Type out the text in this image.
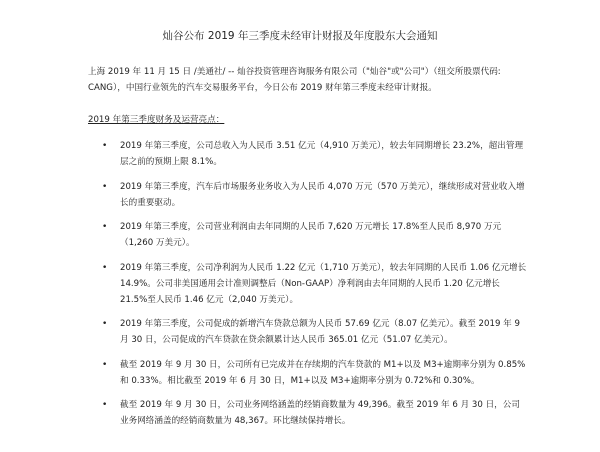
灿谷公布 2019 年三季度未经审计财报及年度股东大会通知

上海 2019 年 11 月 15 日 /美通社/ -- 灿谷投资管理咨询服务有限公司（"灿谷"或"公司"）（纽交所股票代码: CANG），中国行业领先的汽车交易服务平台，今日公布 2019 财年第三季度未经审计财报。

2019 年第三季度财务及运营亮点：

• 2019 年第三季度，公司总收入为人民币 3.51 亿元（4,910 万美元），较去年同期增长 23.2%，超出管理层之前的预期上限 8.1%。
• 2019 年第三季度，汽车后市场服务业务收入为人民币 4,070 万元（570 万美元），继续形成对营业收入增长的重要驱动。
• 2019 年第三季度，公司营业利润由去年同期的人民币 7,620 万元增长 17.8%至人民币 8,970 万元（1,260 万美元）。
• 2019 年第三季度，公司净利润为人民币 1.22 亿元（1,710 万美元），较去年同期的人民币 1.06 亿元增长 14.9%。公司非美国通用会计准则调整后（Non-GAAP）净利润由去年同期的人民币 1.20 亿元增长 21.5%至人民币 1.46 亿元（2,040 万美元）。
• 2019 年第三季度，公司促成的新增汽车贷款总额为人民币 57.69 亿元（8.07 亿美元）。截至 2019 年 9 月 30 日，公司促成的汽车贷款在贷余额累计达人民币 365.01 亿元（51.07 亿美元）。
• 截至 2019 年 9 月 30 日，公司所有已完成并在存续期的汽车贷款的 M1+以及 M3+逾期率分别为 0.85%和 0.33%。相比截至 2019 年 6 月 30 日，M1+以及 M3+逾期率分别为 0.72%和 0.30%。
• 截至 2019 年 9 月 30 日，公司业务网络涵盖的经销商数量为 49,396。截至 2019 年 6 月 30 日，公司业务网络涵盖的经销商数量为 48,367。环比继续保持增长。
